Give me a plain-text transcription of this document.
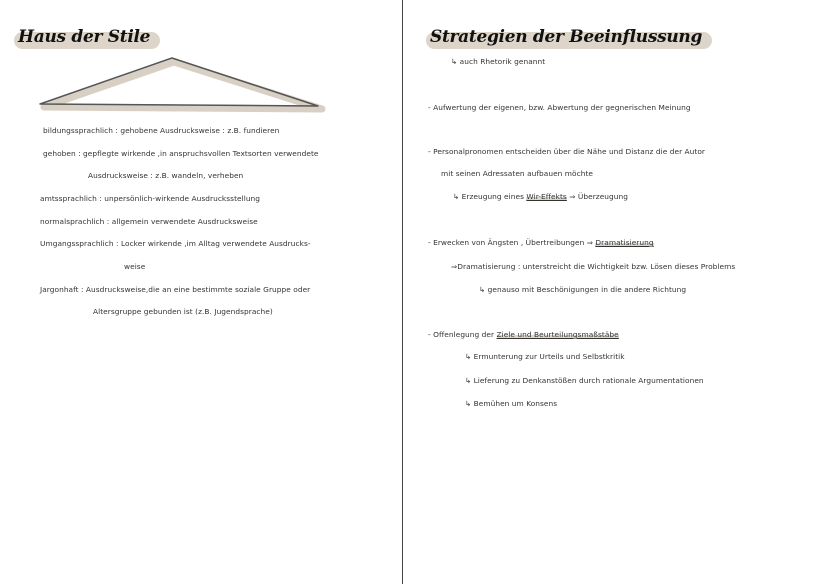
Haus der Stile
bildungssprachlich : gehobene Ausdrucksweise : z.B. fundieren
gehoben : gepflegte wirkende ,in anspruchsvollen Textsorten verwendete
Ausdrucksweise : z.B. wandeln, verheben
amtssprachlich : unpersönlich-wirkende Ausdrucksstellung
normalsprachlich : allgemein verwendete Ausdrucksweise
Umgangssprachlich : Locker wirkende ,im Alltag verwendete Ausdrucks-
weise
Jargonhaft : Ausdrucksweise,die an eine bestimmte soziale Gruppe oder
Altersgruppe gebunden ist (z.B. Jugendsprache)
Strategien der Beeinflussung
↳ auch Rhetorik genannt
- Aufwertung der eigenen, bzw. Abwertung der gegnerischen Meinung
- Personalpronomen entscheiden über die Nähe und Distanz die der Autor
mit seinen Adressaten aufbauen möchte
↳ Erzeugung eines Wir-Effekts ⇒ Überzeugung
- Erwecken von Ängsten , Übertreibungen ⇒ Dramatisierung
⇒Dramatisierung : unterstreicht die Wichtigkeit bzw. Lösen dieses Problems
↳ genauso mit Beschönigungen in die andere Richtung
- Offenlegung der Ziele und Beurteilungsmaßstäbe
↳ Ermunterung zur Urteils und Selbstkritik
↳ Lieferung zu Denkanstößen durch rationale Argumentationen
↳ Bemühen um Konsens
